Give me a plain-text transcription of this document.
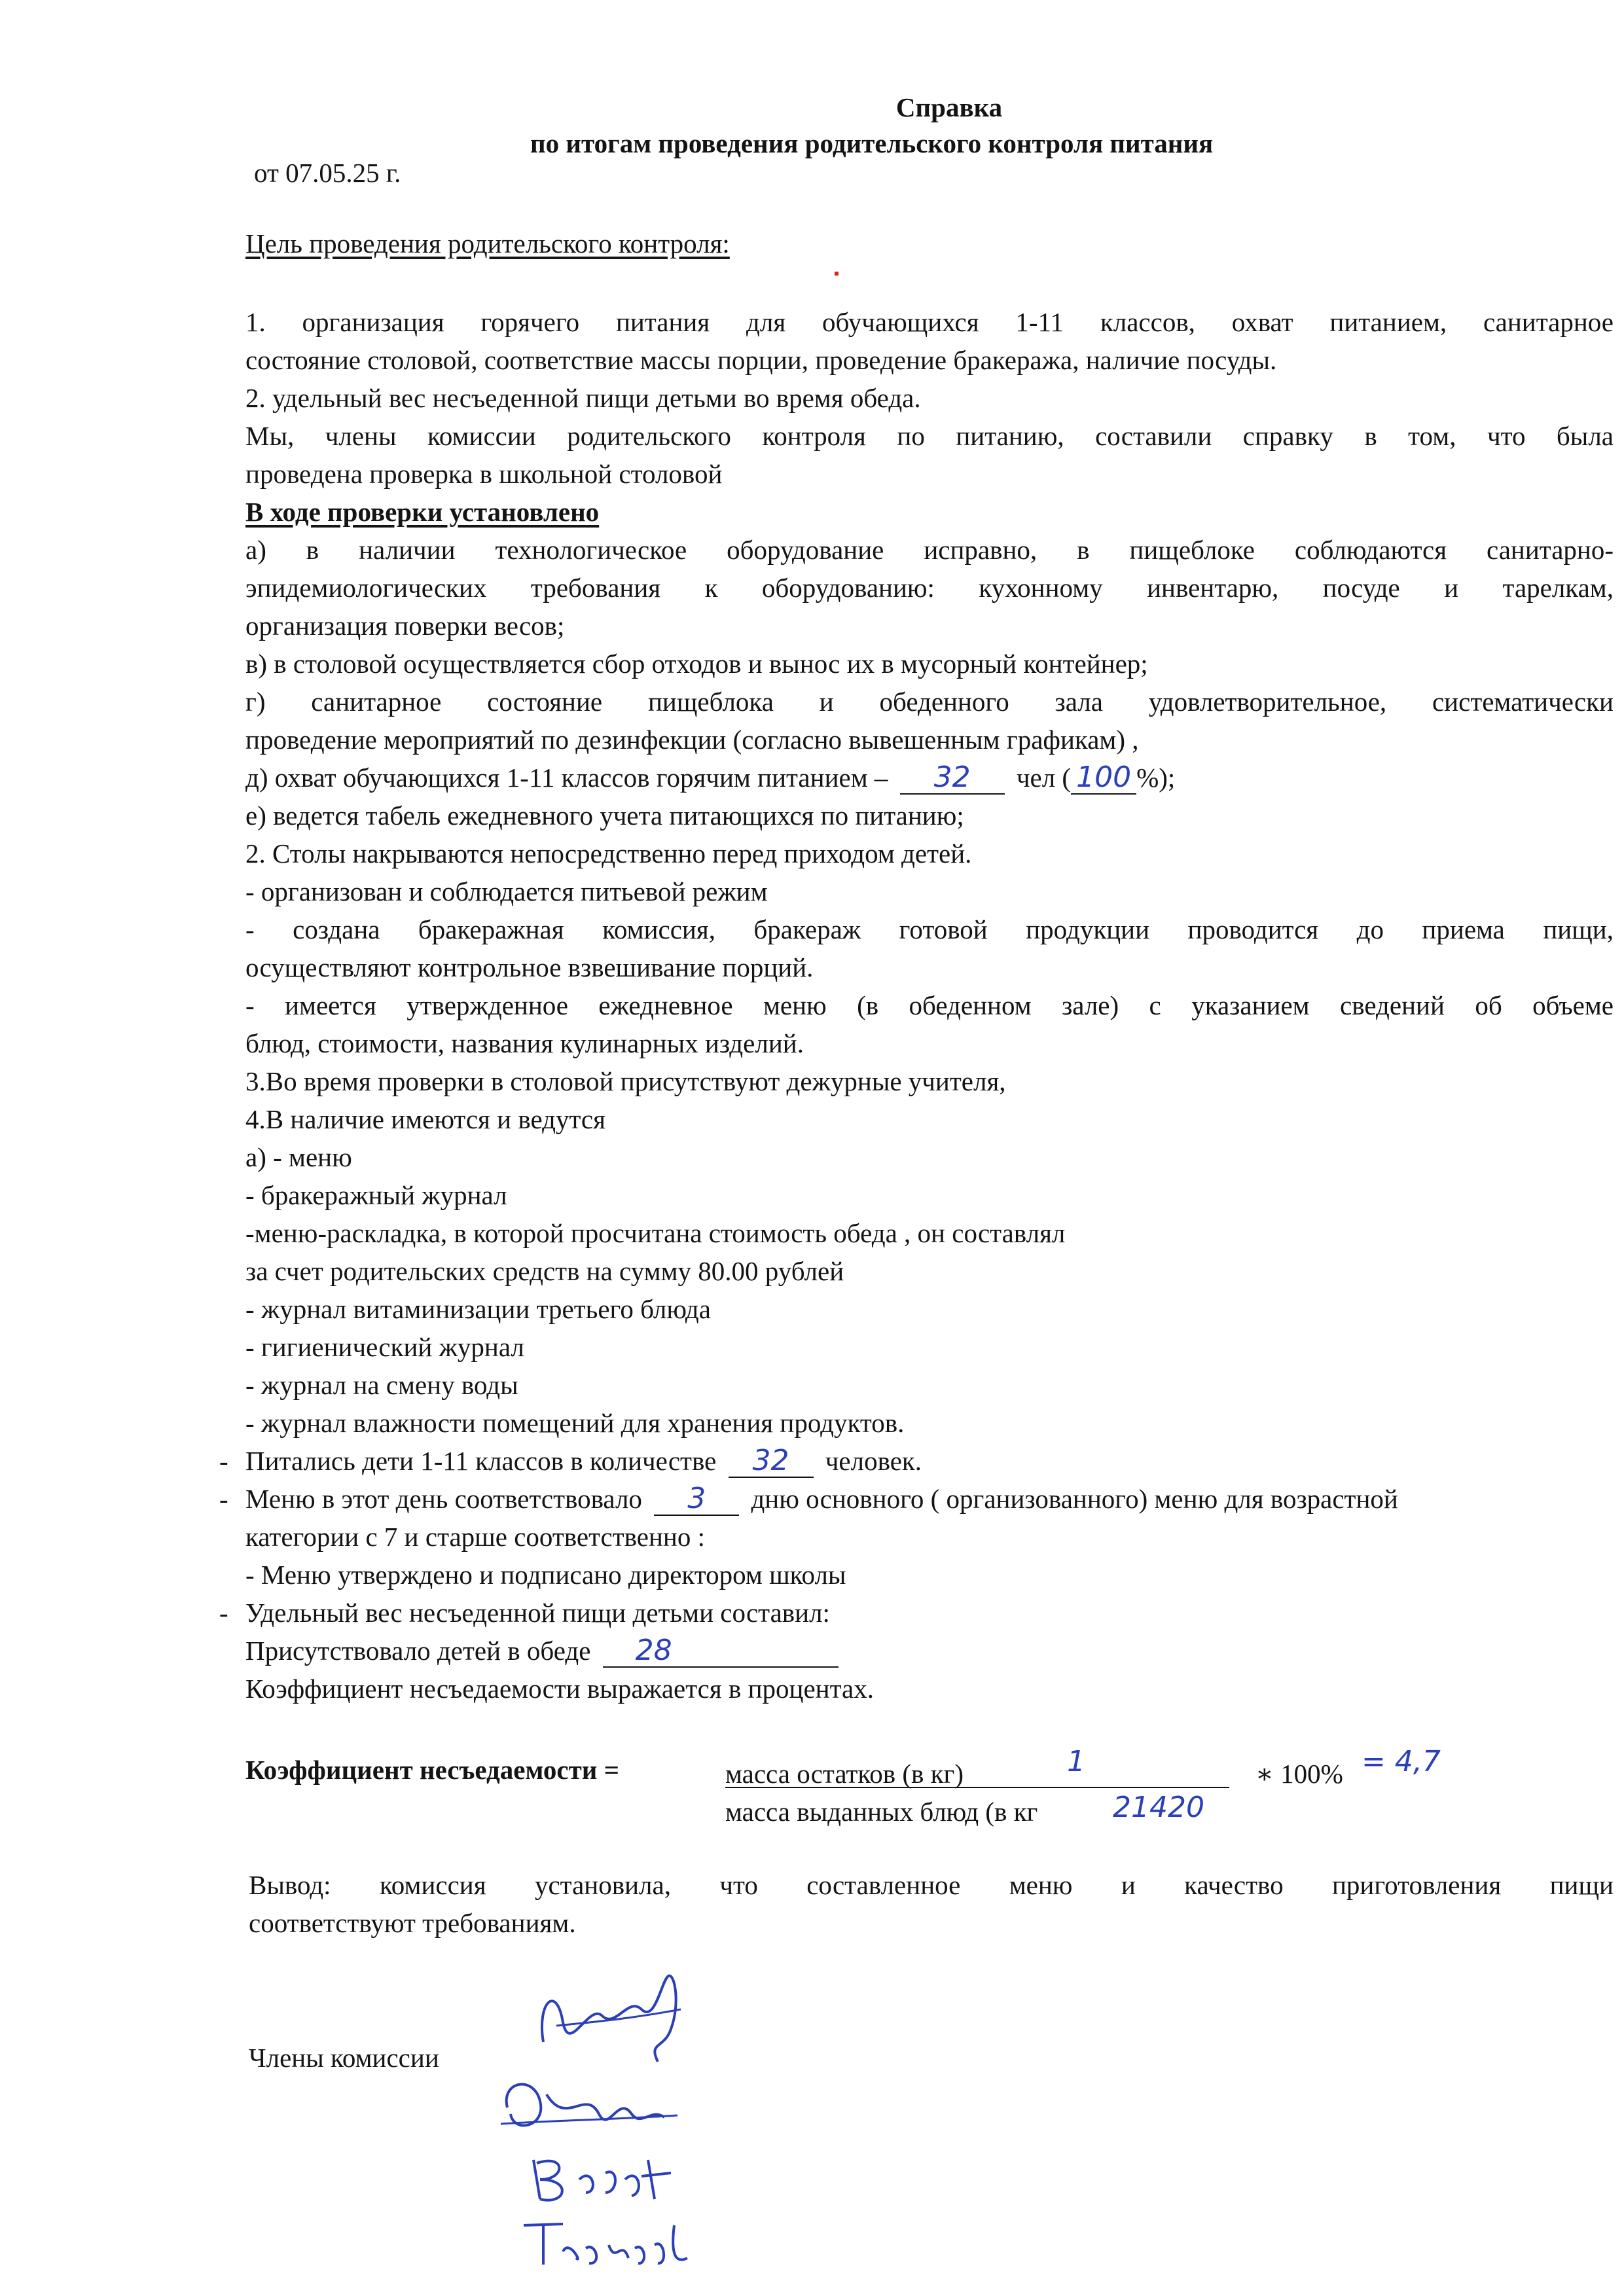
Справка
по итогам проведения родительского контроля питания
от 07.05.25 г.
Цель проведения родительского контроля:
1. организация горячего питания для обучающихся 1-11 классов, охват питанием, санитарное
состояние столовой, соответствие массы порции, проведение бракеража, наличие посуды.
2. удельный вес несъеденной пищи детьми во время обеда.
Мы, члены комиссии родительского контроля по питанию, составили справку в том, что была
проведена проверка в школьной столовой
В ходе проверки установлено
а) в наличии технологическое оборудование исправно, в пищеблоке соблюдаются санитарно-
эпидемиологических требования к оборудованию: кухонному инвентарю, посуде и тарелкам,
организация поверки весов;
в) в столовой осуществляется сбор отходов и вынос их в мусорный контейнер;
г) санитарное состояние пищеблока и обеденного зала удовлетворительное, систематически
проведение мероприятий по дезинфекции (согласно вывешенным графикам) ,
д) охват обучающихся 1-11 классов горячим питанием – 32 чел ( 100 %);
е) ведется табель ежедневного учета питающихся по питанию;
2. Столы накрываются непосредственно перед приходом детей.
- организован и соблюдается питьевой режим
- создана бракеражная комиссия, бракераж готовой продукции проводится до приема пищи,
осуществляют контрольное взвешивание порций.
- имеется утвержденное ежедневное меню (в обеденном зале) с указанием сведений об объеме
блюд, стоимости, названия кулинарных изделий.
3.Во время проверки в столовой присутствуют дежурные учителя,
4.В наличие имеются и ведутся
а) - меню
- бракеражный журнал
-меню-раскладка, в которой просчитана стоимость обеда , он составлял
за счет родительских средств на сумму 80.00 рублей
- журнал витаминизации третьего блюда
- гигиенический журнал
- журнал на смену воды
- журнал влажности помещений для хранения продуктов.
- Питались дети 1-11 классов в количестве 32 человек.
- Меню в этот день соответствовало 3 дню основного ( организованного) меню для возрастной
категории с 7 и старше соответственно :
- Меню утверждено и подписано директором школы
- Удельный вес несъеденной пищи детьми составил:
Присутствовало детей в обеде 28
Коэффициент несъедаемости выражается в процентах.
Коэффициент несъедаемости =	масса остатков (в кг)	1	∗ 100% = 4,7
масса выданных блюд (в кг	21420
Вывод: комиссия установила, что составленное меню и качество приготовления пищи
соответствуют требованиям.
Члены комиссии
